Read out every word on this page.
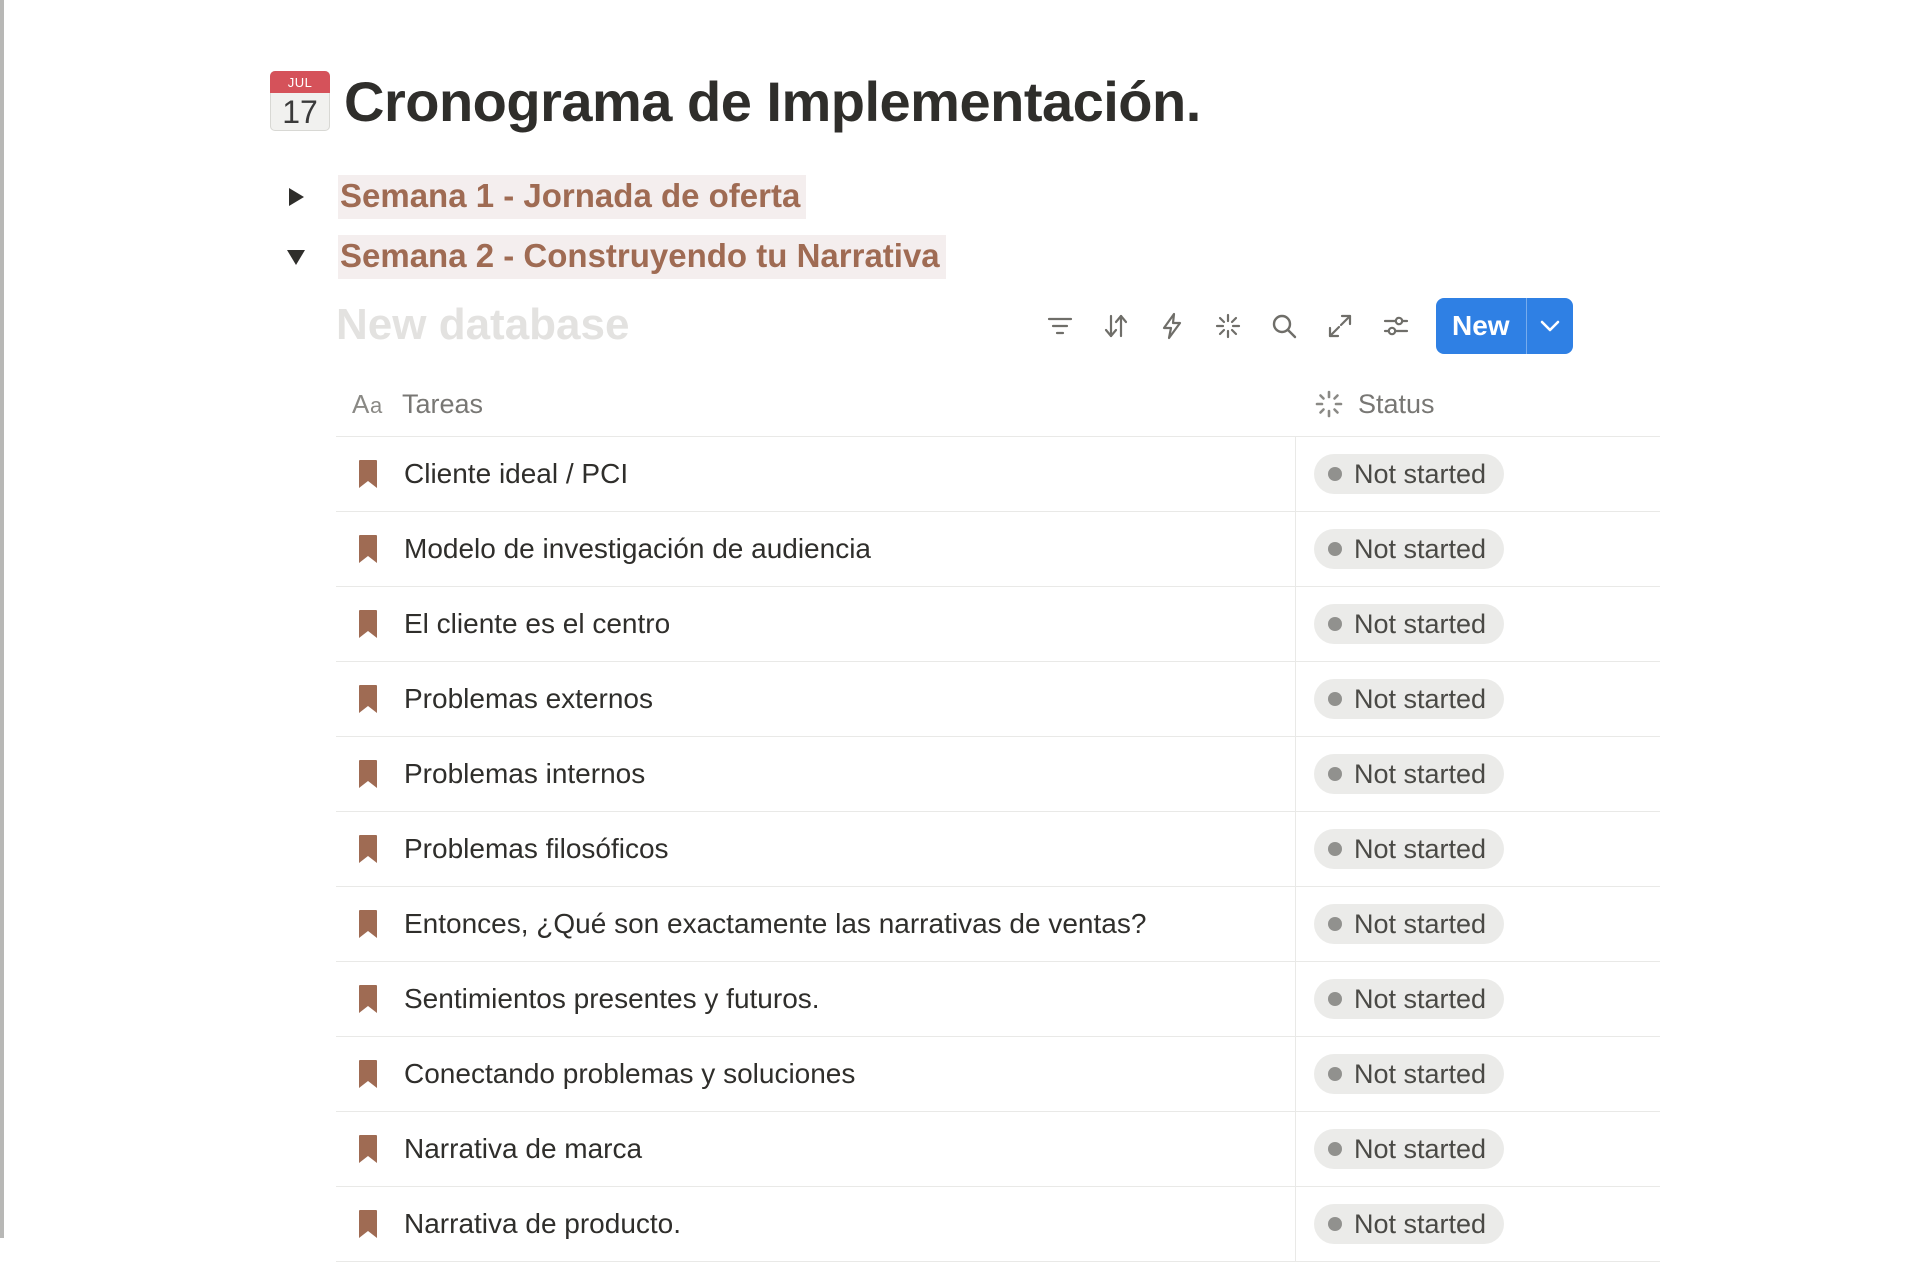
JUL
17 Cronograma de Implementación.
Semana 1 - Jornada de oferta
Semana 2 - Construyendo tu Narrativa
New database	New
A a Tareas	Status
Cliente ideal / PCI	Not started
Modelo de investigación de audiencia	Not started
El cliente es el centro	Not started
Problemas externos	Not started
Problemas internos	Not started
Problemas filosóficos	Not started
Entonces, ¿Qué son exactamente las narrativas de ventas?	Not started
Sentimientos presentes y futuros.	Not started
Conectando problemas y soluciones	Not started
Narrativa de marca	Not started
Narrativa de producto.	Not started
